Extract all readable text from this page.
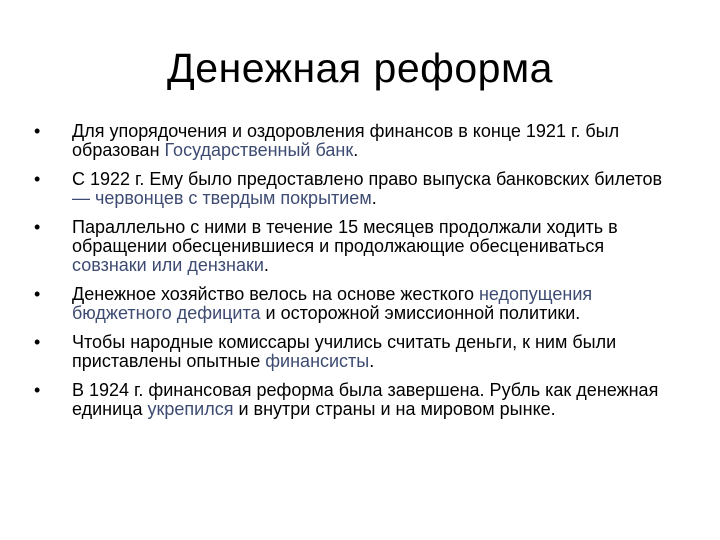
Денежная реформа
• Для упорядочения и оздоровления финансов в конце 1921 г. был образован Государственный банк.
• С 1922 г. Ему было предоставлено право выпуска банковских билетов — червонцев с твердым покрытием.
• Параллельно с ними в течение 15 месяцев продолжали ходить в обращении обесценившиеся и продолжающие обесцениваться совзнаки или дензнаки.
• Денежное хозяйство велось на основе жесткого недопущения бюджетного дефицита и осторожной эмиссионной политики.
• Чтобы народные комиссары учились считать деньги, к ним были приставлены опытные финансисты.
• В 1924 г. финансовая реформа была завершена. Рубль как денежная единица укрепился и внутри страны и на мировом рынке.
